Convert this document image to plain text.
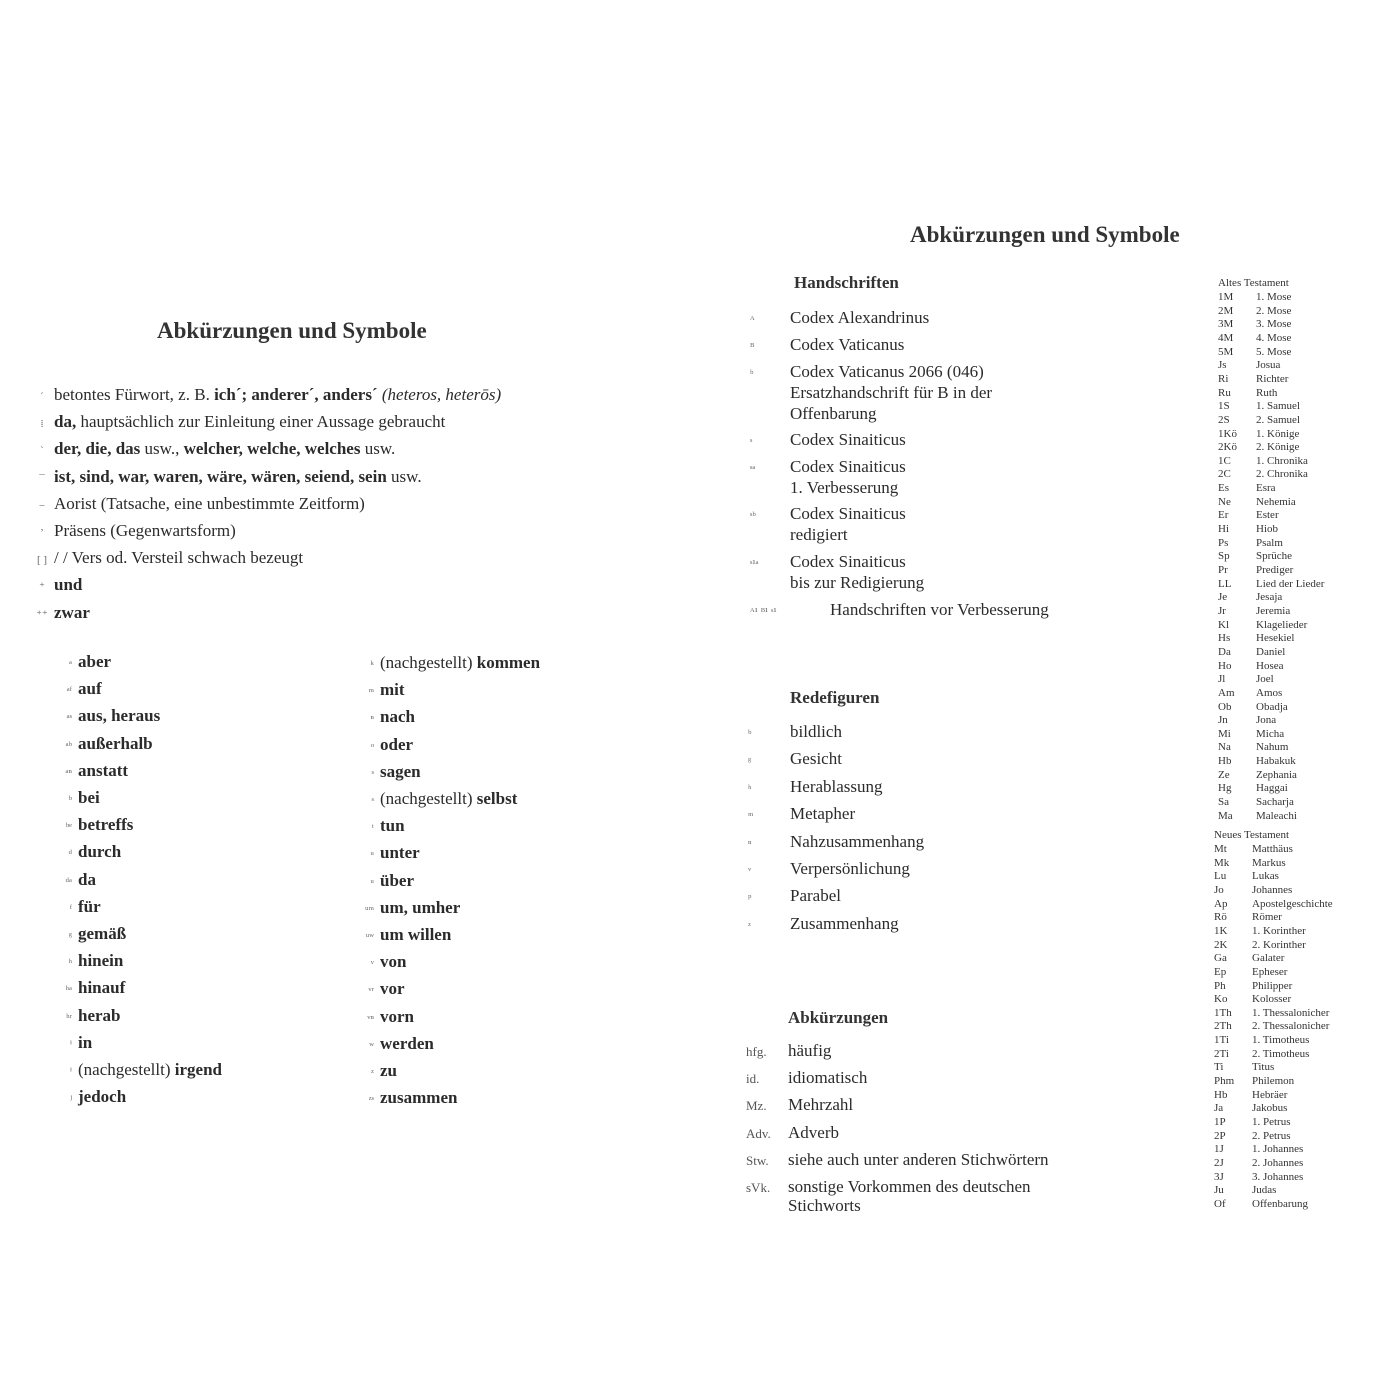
Abkürzungen und Symbole
´ betontes Fürwort, z. B. ich´; anderer´, anders´ (heteros, heterōs)
⁞ da, hauptsächlich zur Einleitung einer Aussage gebraucht
ˋ der, die, das usw., welcher, welche, welches usw.
¯ ist, sind, war, waren, wäre, wären, seiend, sein usw.
− Aorist (Tatsache, eine unbestimmte Zeitform)
ʼ Präsens (Gegenwartsform)
[ ] / / Vers od. Versteil schwach bezeugt
⁺ und
⁺⁺ zwar
ᵃ aber
ᵃᶠ auf
ᵃˢ aus, heraus
ᵃᵇ außerhalb
ᵃⁿ anstatt
ᵇ bei
ᵇᵉ betreffs
ᵈ durch
ᵈᵃ da
ᶠ für
ᵍ gemäß
ʰ hinein
ʰᵃ hinauf
ʰʳ herab
ⁱ in
ⁱ (nachgestellt) irgend
ʲ jedoch
ᵏ (nachgestellt) kommen
ᵐ mit
ⁿ nach
ᵒ oder
ˢ sagen
ˢ (nachgestellt) selbst
ᵗ tun
ᵘ unter
ᵘ über
ᵘᵐ um, umher
ᵘʷ um willen
ᵛ von
ᵛʳ vor
ᵛⁿ vorn
ʷ werden
ᶻ zu
ᶻˢ zusammen
Abkürzungen und Symbole
Handschriften
ᴬ Codex Alexandrinus
ᴮ Codex Vaticanus
ᵇ Codex Vaticanus 2066 (046)
Ersatzhandschrift für B in der
Offenbarung
ˢ Codex Sinaiticus
ˢᵃ Codex Sinaiticus
1. Verbesserung
ˢᵇ Codex Sinaiticus
redigiert
ˢ¹ᵃ Codex Sinaiticus
bis zur Redigierung
ᴬ¹ ᴮ¹ ˢ¹	Handschriften vor Verbesserung
Redefiguren
ᵇ bildlich
ᵍ Gesicht
ʰ Herablassung
ᵐ Metapher
ⁿ Nahzusammenhang
ᵛ Verpersönlichung
ᵖ Parabel
ᶻ Zusammenhang
Abkürzungen
hfg. häufig
id. idiomatisch
Mz. Mehrzahl
Adv. Adverb
Stw. siehe auch unter anderen Stichwörtern
sVk. sonstige Vorkommen des deutschen
Stichworts
Altes Testament
1M 1. Mose
2M 2. Mose
3M 3. Mose
4M 4. Mose
5M 5. Mose
Js	Josua
Ri	Richter
Ru Ruth
1S 1. Samuel
2S 2. Samuel
1Kö 1. Könige
2Kö 2. Könige
1C 1. Chronika
2C 2. Chronika
Es Esra
Ne Nehemia
Er	Ester
Hi Hiob
Ps	Psalm
Sp Sprüche
Pr	Prediger
LL Lied der Lieder
Je	Jesaja
Jr	Jeremia
Kl Klagelieder
Hs Hesekiel
Da Daniel
Ho Hosea
Jl	Joel
Am Amos
Ob Obadja
Jn	Jona
Mi Micha
Na Nahum
Hb Habakuk
Ze Zephania
Hg Haggai
Sa Sacharja
Ma Maleachi
Neues Testament
Mt Matthäus
Mk Markus
Lu Lukas
Jo	Johannes
Ap Apostelgeschichte
Rö Römer
1K 1. Korinther
2K 2. Korinther
Ga Galater
Ep Epheser
Ph Philipper
Ko Kolosser
1Th 1. Thessalonicher
2Th 2. Thessalonicher
1Ti 1. Timotheus
2Ti 2. Timotheus
Ti	Titus
Phm Philemon
Hb Hebräer
Ja	Jakobus
1P 1. Petrus
2P 2. Petrus
1J	1. Johannes
2J	2. Johannes
3J	3. Johannes
Ju	Judas
Of Offenbarung
